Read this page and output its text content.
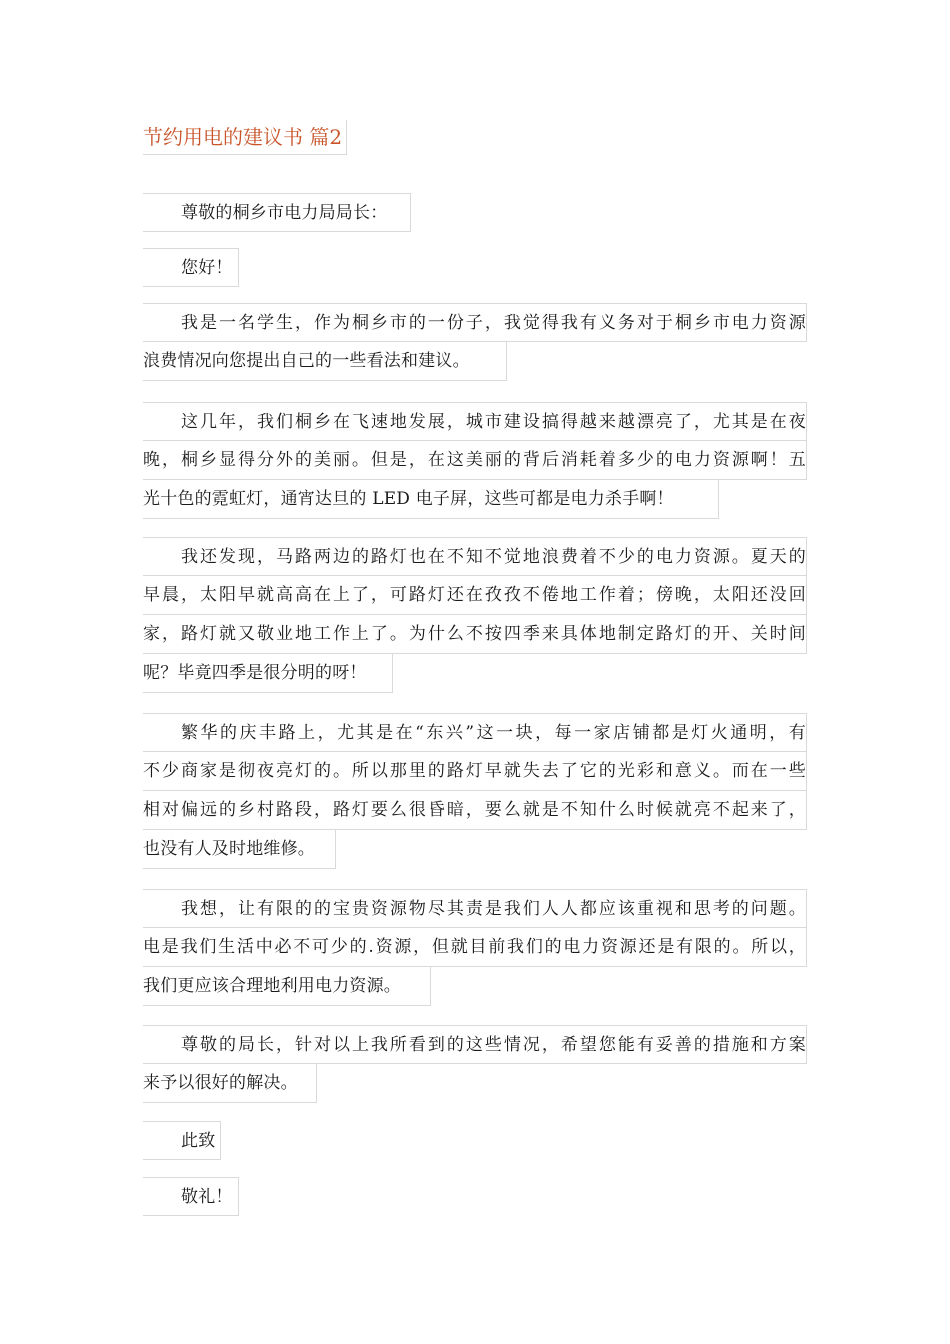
节约用电的建议书 篇2
尊敬的桐乡市电力局局长：
您好！
我是一名学生，作为桐乡市的一份子，我觉得我有义务对于桐乡市电力资源
浪费情况向您提出自己的一些看法和建议。
这几年，我们桐乡在飞速地发展，城市建设搞得越来越漂亮了，尤其是在夜
晚，桐乡显得分外的美丽。但是，在这美丽的背后消耗着多少的电力资源啊！五
光十色的霓虹灯，通宵达旦的 LED 电子屏，这些可都是电力杀手啊！
我还发现，马路两边的路灯也在不知不觉地浪费着不少的电力资源。夏天的
早晨，太阳早就高高在上了，可路灯还在孜孜不倦地工作着；傍晚，太阳还没回
家，路灯就又敬业地工作上了。为什么不按四季来具体地制定路灯的开、关时间
呢？毕竟四季是很分明的呀！
繁华的庆丰路上，尤其是在“东兴”这一块，每一家店铺都是灯火通明，有
不少商家是彻夜亮灯的。所以那里的路灯早就失去了它的光彩和意义。而在一些
相对偏远的乡村路段，路灯要么很昏暗，要么就是不知什么时候就亮不起来了，
也没有人及时地维修。
我想，让有限的的宝贵资源物尽其责是我们人人都应该重视和思考的问题。
电是我们生活中必不可少的.资源，但就目前我们的电力资源还是有限的。所以，
我们更应该合理地利用电力资源。
尊敬的局长，针对以上我所看到的这些情况，希望您能有妥善的措施和方案
来予以很好的解决。
此致
敬礼！
